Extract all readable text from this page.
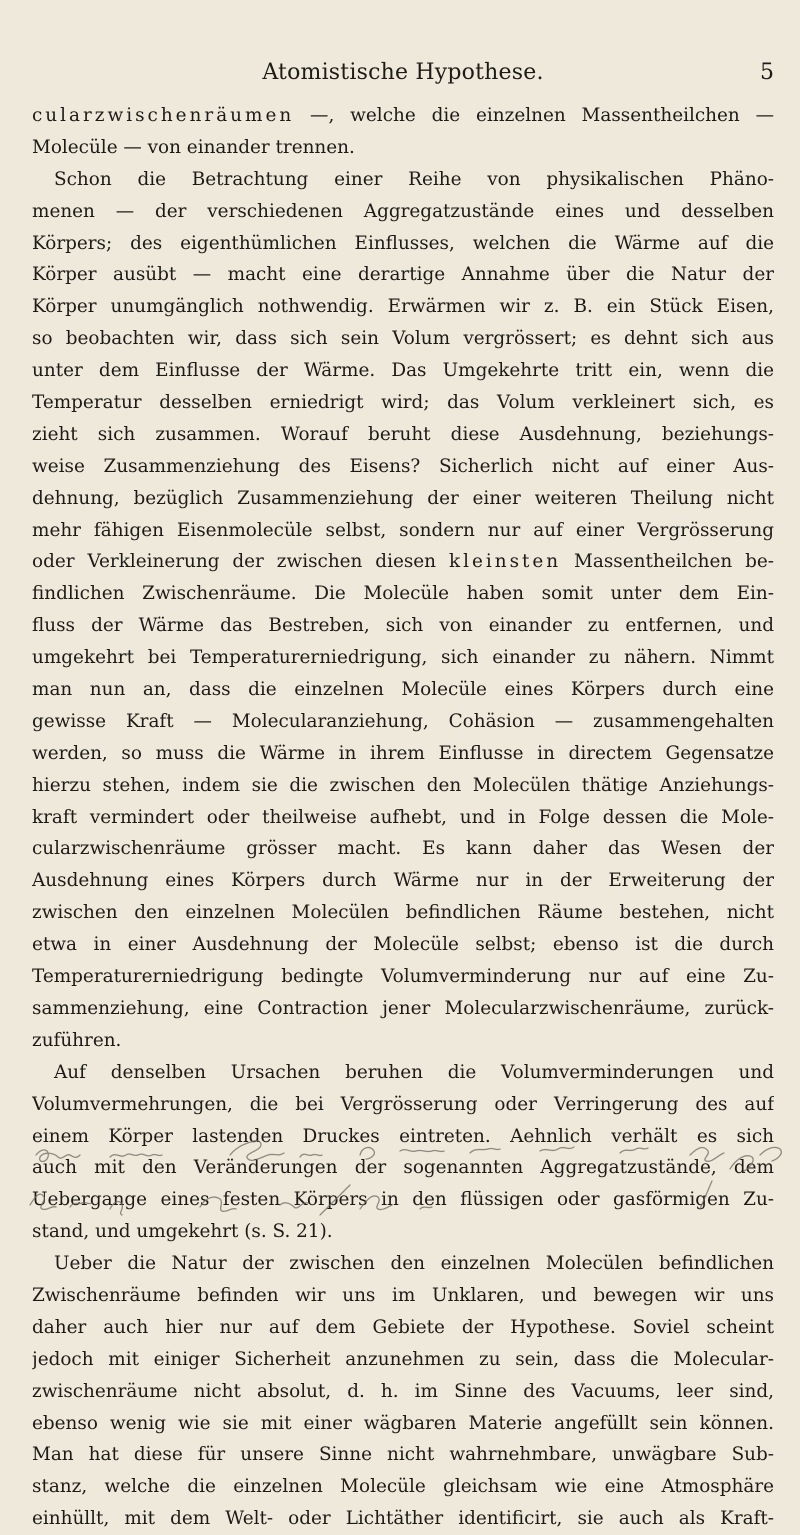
Atomistische Hypothese.	5
cularzwischenräumen —, welche die einzelnen Massentheilchen —
Molecüle — von einander trennen.
Schon die Betrachtung einer Reihe von physikalischen Phäno-
menen — der verschiedenen Aggregatzustände eines und desselben
Körpers; des eigenthümlichen Einflusses, welchen die Wärme auf die
Körper ausübt — macht eine derartige Annahme über die Natur der
Körper unumgänglich nothwendig. Erwärmen wir z. B. ein Stück Eisen,
so beobachten wir, dass sich sein Volum vergrössert; es dehnt sich aus
unter dem Einflusse der Wärme. Das Umgekehrte tritt ein, wenn die
Temperatur desselben erniedrigt wird; das Volum verkleinert sich, es
zieht sich zusammen. Worauf beruht diese Ausdehnung, beziehungs-
weise Zusammenziehung des Eisens? Sicherlich nicht auf einer Aus-
dehnung, bezüglich Zusammenziehung der einer weiteren Theilung nicht
mehr fähigen Eisenmolecüle selbst, sondern nur auf einer Vergrösserung
oder Verkleinerung der zwischen diesen kleinsten Massentheilchen be-
findlichen Zwischenräume. Die Molecüle haben somit unter dem Ein-
fluss der Wärme das Bestreben, sich von einander zu entfernen, und
umgekehrt bei Temperaturerniedrigung, sich einander zu nähern. Nimmt
man nun an, dass die einzelnen Molecüle eines Körpers durch eine
gewisse Kraft — Molecularanziehung, Cohäsion — zusammengehalten
werden, so muss die Wärme in ihrem Einflusse in directem Gegensatze
hierzu stehen, indem sie die zwischen den Molecülen thätige Anziehungs-
kraft vermindert oder theilweise aufhebt, und in Folge dessen die Mole-
cularzwischenräume grösser macht. Es kann daher das Wesen der
Ausdehnung eines Körpers durch Wärme nur in der Erweiterung der
zwischen den einzelnen Molecülen befindlichen Räume bestehen, nicht
etwa in einer Ausdehnung der Molecüle selbst; ebenso ist die durch
Temperaturerniedrigung bedingte Volumverminderung nur auf eine Zu-
sammenziehung, eine Contraction jener Molecularzwischenräume, zurück-
zuführen.
Auf denselben Ursachen beruhen die Volumverminderungen und
Volumvermehrungen, die bei Vergrösserung oder Verringerung des auf
einem Körper lastenden Druckes eintreten. Aehnlich verhält es sich
auch mit den Veränderungen der sogenannten Aggregatzustände, dem
Uebergange eines festen Körpers in den flüssigen oder gasförmigen Zu-
stand, und umgekehrt (s. S. 21).
Ueber die Natur der zwischen den einzelnen Molecülen befindlichen
Zwischenräume befinden wir uns im Unklaren, und bewegen wir uns
daher auch hier nur auf dem Gebiete der Hypothese. Soviel scheint
jedoch mit einiger Sicherheit anzunehmen zu sein, dass die Molecular-
zwischenräume nicht absolut, d. h. im Sinne des Vacuums, leer sind,
ebenso wenig wie sie mit einer wägbaren Materie angefüllt sein können.
Man hat diese für unsere Sinne nicht wahrnehmbare, unwägbare Sub-
stanz, welche die einzelnen Molecüle gleichsam wie eine Atmosphäre
einhüllt, mit dem Welt- oder Lichtäther identificirt, sie auch als Kraft-
